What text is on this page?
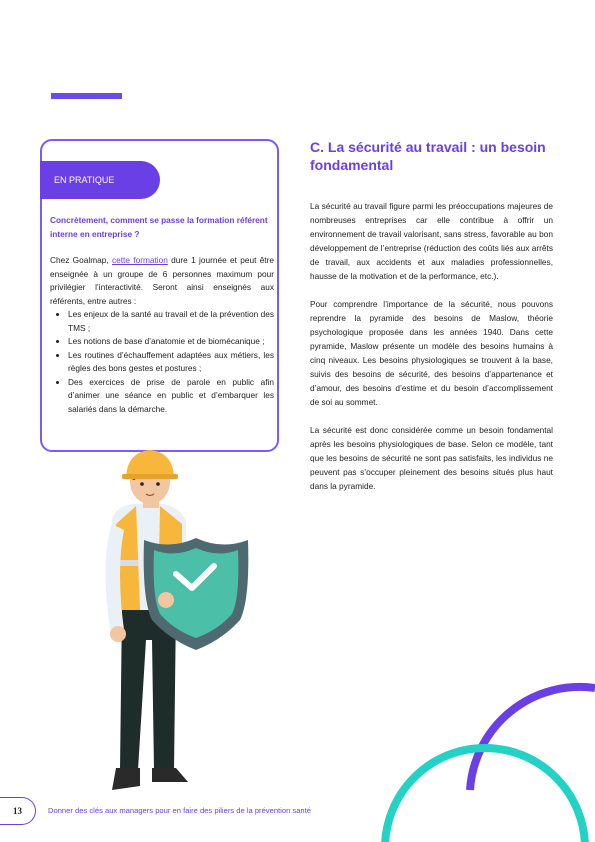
EN PRATIQUE
Concrètement, comment se passe la formation référent interne en entreprise ?
Chez Goalmap, cette formation dure 1 journée et peut être enseignée à un groupe de 6 personnes maximum pour privilégier l’interactivité. Seront ainsi enseignés aux référents, entre autres :
• Les enjeux de la santé au travail et de la prévention des TMS ;
• Les notions de base d’anatomie et de biomécanique ;
• Les routines d’échauffement adaptées aux métiers, les règles des bons gestes et postures ;
• Des exercices de prise de parole en public afin d’animer une séance en public et d’embarquer les salariés dans la démarche.
C. La sécurité au travail : un besoin fondamental

La sécurité au travail figure parmi les préoccupations majeures de nombreuses entreprises car elle contribue à offrir un environnement de travail valorisant, sans stress, favorable au bon développement de l’entreprise (réduction des coûts liés aux arrêts de travail, aux accidents et aux maladies professionnelles, hausse de la motivation et de la performance, etc.).

Pour comprendre l’importance de la sécurité, nous pouvons reprendre la pyramide des besoins de Maslow, théorie psychologique proposée dans les années 1940. Dans cette pyramide, Maslow présente un modèle des besoins humains à cinq niveaux. Les besoins physiologiques se trouvent à la base, suivis des besoins de sécurité, des besoins d’appartenance et d’amour, des besoins d’estime et du besoin d’accomplissement de soi au sommet.

La sécurité est donc considérée comme un besoin fondamental après les besoins physiologiques de base. Selon ce modèle, tant que les besoins de sécurité ne sont pas satisfaits, les individus ne peuvent pas s’occuper pleinement des besoins situés plus haut dans la pyramide.

13	Donner des clés aux managers pour en faire des piliers de la prévention santé
